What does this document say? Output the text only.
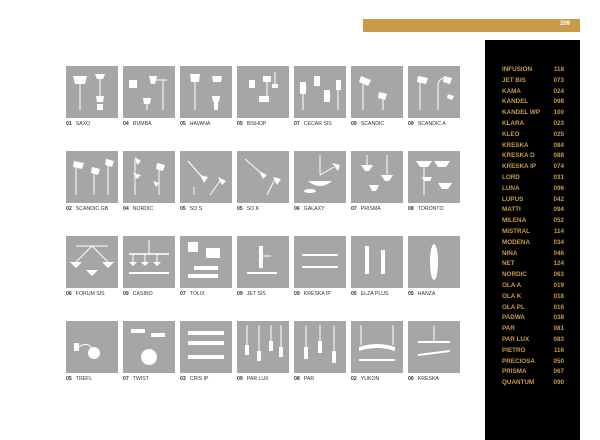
209
01 SAXO	04 RUMBA	05 HAVANA	05 BISHOP	07 CECAR SIS	09 SCANDIC	09 SCANDIC A
02 SCANDIC GB	04 NORDIC	05 SO S	05 SO K	06 GALAXY	07 PRISMA	08 TORONTO
06 FORUM SIS	09 CASINO	07 TOLIX	09 JET SIS	09 KRESKA IP	05 ELZA PLUS	05 HANZA
05 TREFL	07 TWIST	03 CRIS IP	09 PAR LUX	08 PAR	02 YUKON	06 KRESKA
INFUSION	118
JET BIS	073
KAMA	024
KANDEL	098
KANDEL WP 100
KLARA	023
KLEO	025
KRESKA	084
KRESKA D	088
KRESKA IP	074
LORD	031
LUNA	096
LUPUS	042
MATTI	094
MILENA	052
MISTRAL	114
MODENA	034
NINA	046
NET	124
NORDIC	063
OLA A	019
OLA K	018
OLA PL	016
PADWA	038
PAR	081
PAR LUX	083
PIETRO	116
PRECIOSA	050
PRISMA	067
QUANTUM	090
